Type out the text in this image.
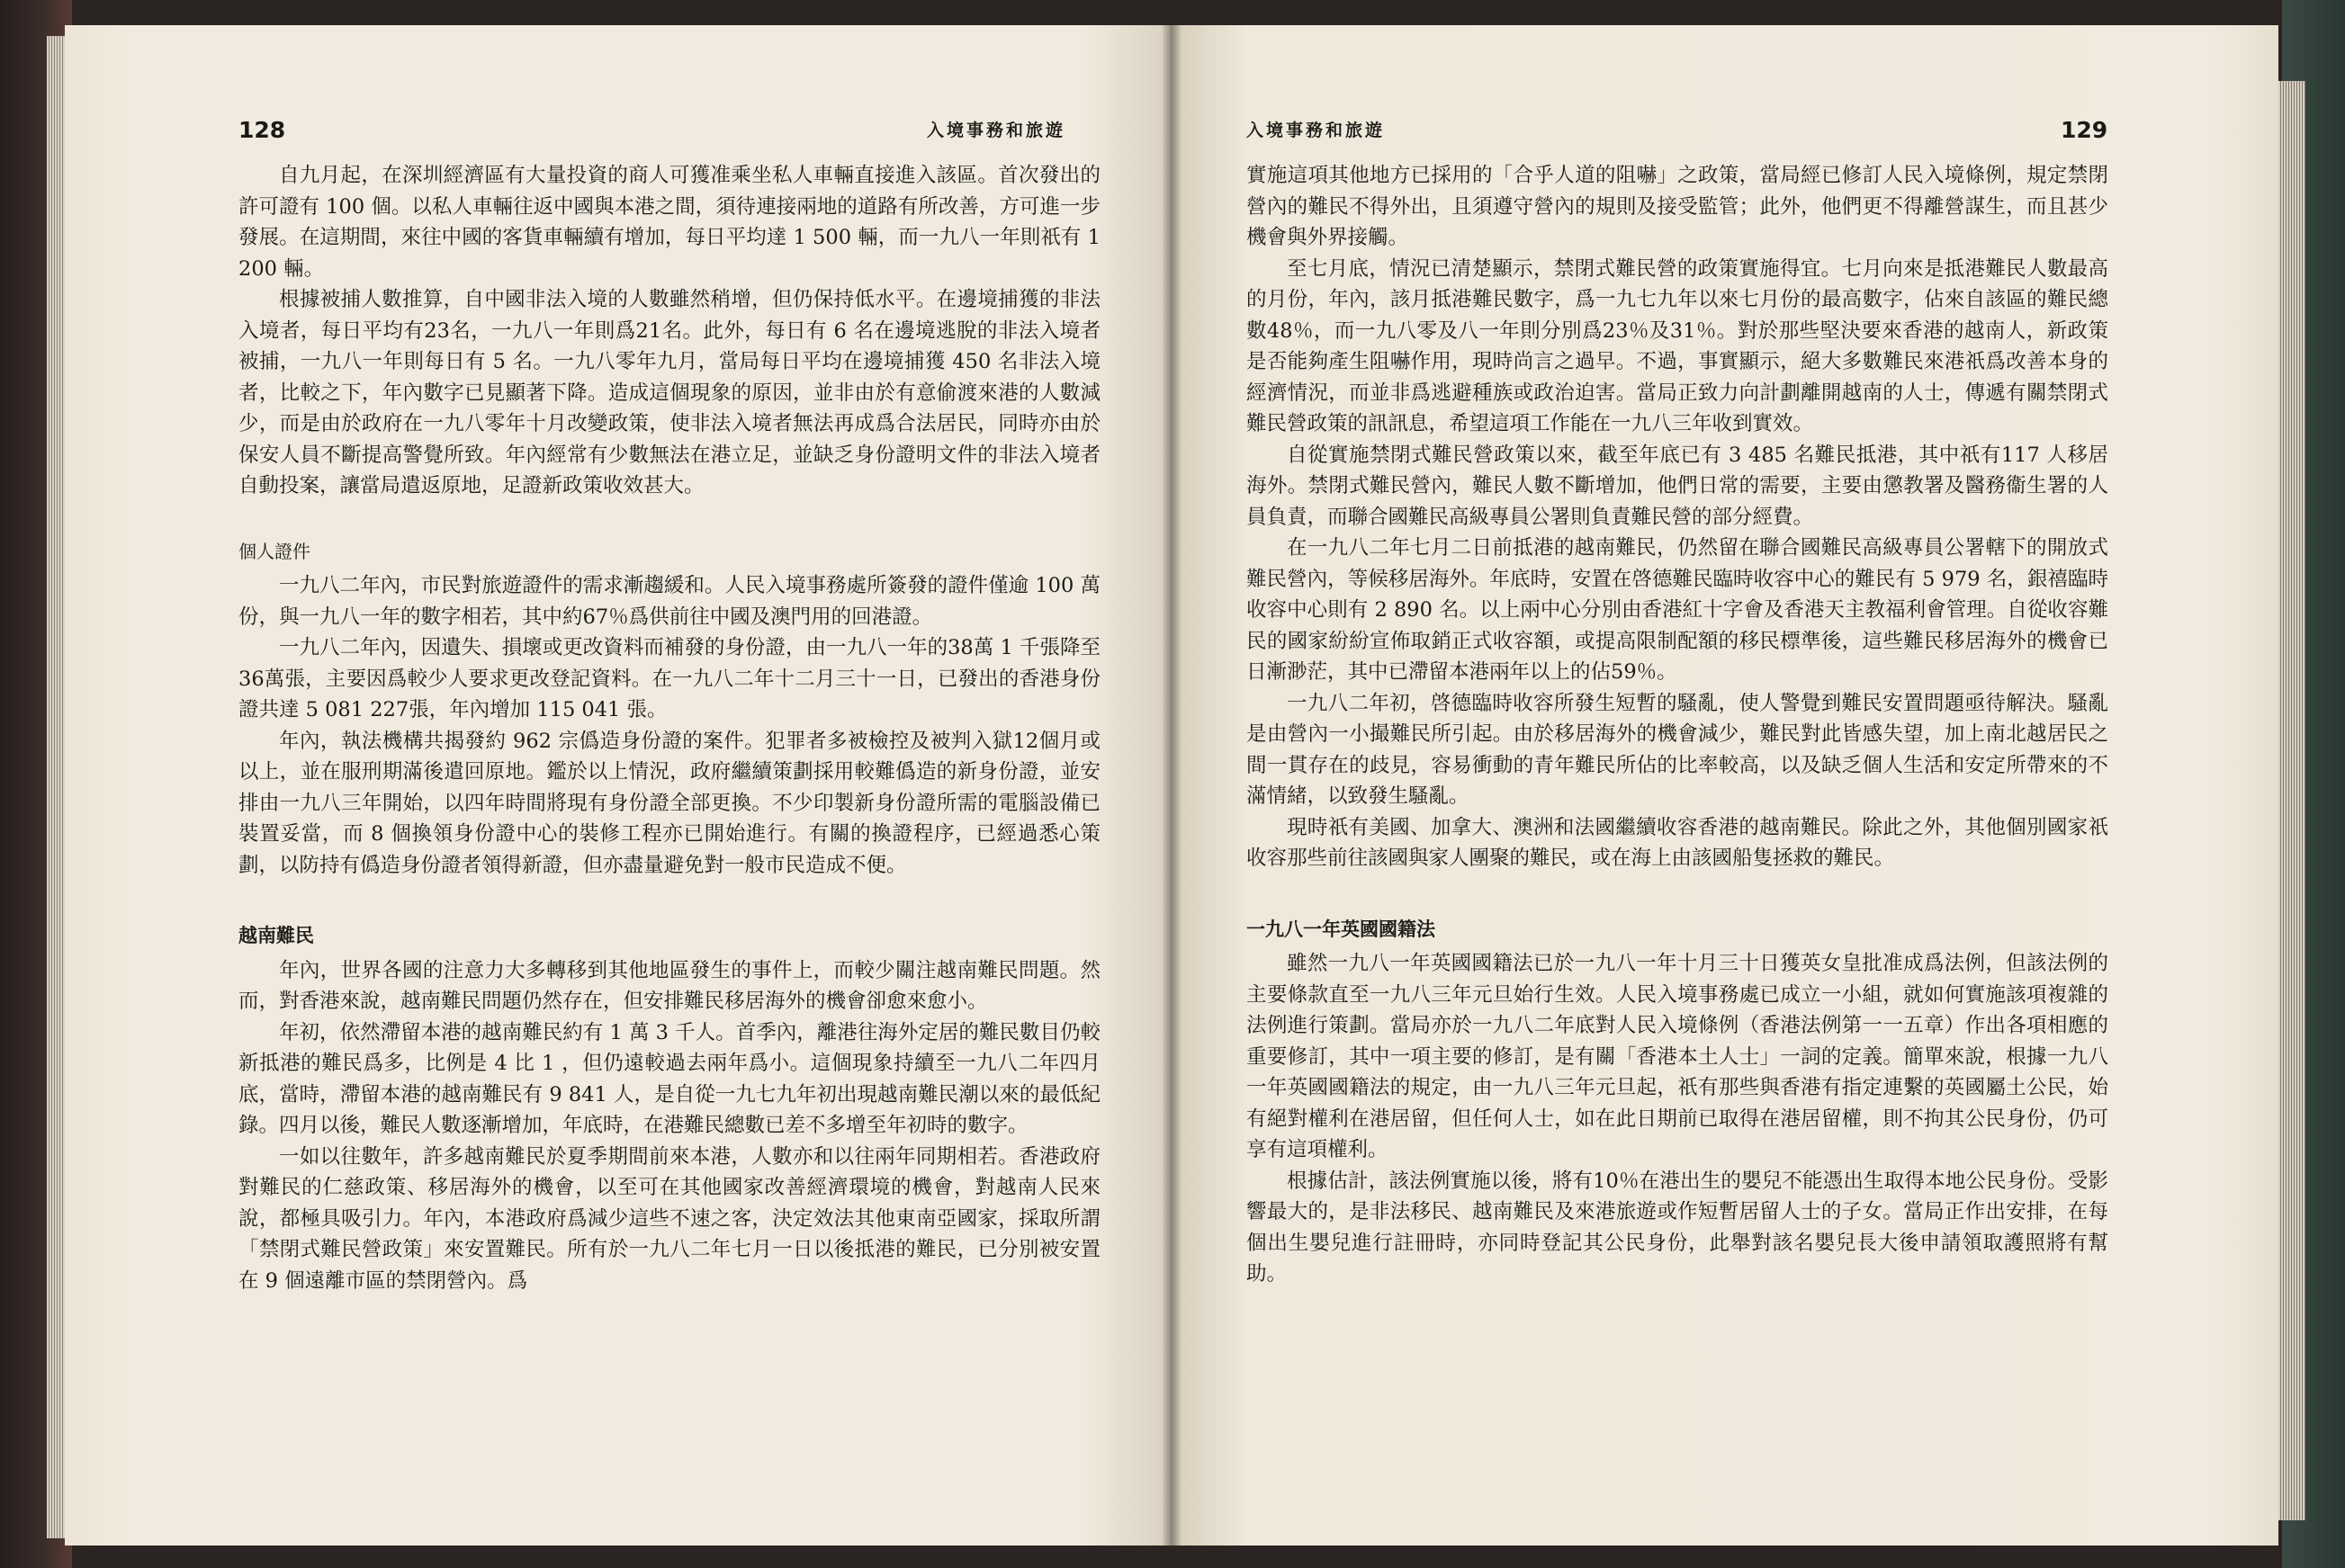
128	入境事務和旅遊	入境事務和旅遊	129

自九月起，在深圳經濟區有大量投資的商人可獲准乘坐私人車輛直接進入該區。首次發出的許可證有 100 個。以私人車輛往返中國與本港之間，須待連接兩地的道路有所改善，方可進一步發展。在這期間，來往中國的客貨車輛續有增加，每日平均達 1 500 輛，而一九八一年則祇有 1 200 輛。

根據被捕人數推算，自中國非法入境的人數雖然稍增，但仍保持低水平。在邊境捕獲的非法入境者，每日平均有23名，一九八一年則爲21名。此外，每日有 6 名在邊境逃脫的非法入境者被捕，一九八一年則每日有 5 名。一九八零年九月，當局每日平均在邊境捕獲 450 名非法入境者，比較之下，年內數字已見顯著下降。造成這個現象的原因，並非由於有意偷渡來港的人數減少，而是由於政府在一九八零年十月改變政策，使非法入境者無法再成爲合法居民，同時亦由於保安人員不斷提高警覺所致。年內經常有少數無法在港立足，並缺乏身份證明文件的非法入境者自動投案，讓當局遣返原地，足證新政策收效甚大。

個人證件

一九八二年內，市民對旅遊證件的需求漸趨緩和。人民入境事務處所簽發的證件僅逾 100 萬份，與一九八一年的數字相若，其中約67％爲供前往中國及澳門用的回港證。

一九八二年內，因遺失、損壞或更改資料而補發的身份證，由一九八一年的38萬 1 千張降至36萬張，主要因爲較少人要求更改登記資料。在一九八二年十二月三十一日，已發出的香港身份證共達 5 081 227張，年內增加 115 041 張。

年內，執法機構共揭發約 962 宗僞造身份證的案件。犯罪者多被檢控及被判入獄12個月或以上，並在服刑期滿後遣回原地。鑑於以上情況，政府繼續策劃採用較難僞造的新身份證，並安排由一九八三年開始，以四年時間將現有身份證全部更換。不少印製新身份證所需的電腦設備已裝置妥當，而 8 個換領身份證中心的裝修工程亦已開始進行。有關的換證程序，已經過悉心策劃，以防持有僞造身份證者領得新證，但亦盡量避免對一般市民造成不便。

越南難民

年內，世界各國的注意力大多轉移到其他地區發生的事件上，而較少關注越南難民問題。然而，對香港來說，越南難民問題仍然存在，但安排難民移居海外的機會卻愈來愈小。

年初，依然滯留本港的越南難民約有 1 萬 3 千人。首季內，離港往海外定居的難民數目仍較新抵港的難民爲多，比例是 4 比 1 ，但仍遠較過去兩年爲小。這個現象持續至一九八二年四月底，當時，滯留本港的越南難民有 9 841 人，是自從一九七九年初出現越南難民潮以來的最低紀錄。四月以後，難民人數逐漸增加，年底時，在港難民總數已差不多增至年初時的數字。

一如以往數年，許多越南難民於夏季期間前來本港，人數亦和以往兩年同期相若。香港政府對難民的仁慈政策、移居海外的機會，以至可在其他國家改善經濟環境的機會，對越南人民來說，都極具吸引力。年內，本港政府爲減少這些不速之客，決定效法其他東南亞國家，採取所謂「禁閉式難民營政策」來安置難民。所有於一九八二年七月一日以後抵港的難民，已分別被安置在 9 個遠離市區的禁閉營內。爲

實施這項其他地方已採用的「合乎人道的阻嚇」之政策，當局經已修訂人民入境條例，規定禁閉營內的難民不得外出，且須遵守營內的規則及接受監管；此外，他們更不得離營謀生，而且甚少機會與外界接觸。

至七月底，情況已清楚顯示，禁閉式難民營的政策實施得宜。七月向來是抵港難民人數最高的月份，年內，該月抵港難民數字，爲一九七九年以來七月份的最高數字，佔來自該區的難民總數48％，而一九八零及八一年則分別爲23％及31％。對於那些堅決要來香港的越南人，新政策是否能夠產生阻嚇作用，現時尚言之過早。不過，事實顯示，絕大多數難民來港祇爲改善本身的經濟情況，而並非爲逃避種族或政治迫害。當局正致力向計劃離開越南的人士，傳遞有關禁閉式難民營政策的訊訊息，希望這項工作能在一九八三年收到實效。

自從實施禁閉式難民營政策以來，截至年底已有 3 485 名難民抵港，其中祇有117 人移居海外。禁閉式難民營內，難民人數不斷增加，他們日常的需要，主要由懲教署及醫務衞生署的人員負責，而聯合國難民高級專員公署則負責難民營的部分經費。

在一九八二年七月二日前抵港的越南難民，仍然留在聯合國難民高級專員公署轄下的開放式難民營內，等候移居海外。年底時，安置在啓德難民臨時收容中心的難民有 5 979 名，銀禧臨時收容中心則有 2 890 名。以上兩中心分別由香港紅十字會及香港天主教福利會管理。自從收容難民的國家紛紛宣佈取銷正式收容額，或提高限制配額的移民標準後，這些難民移居海外的機會已日漸渺茫，其中已滯留本港兩年以上的佔59％。

一九八二年初，啓德臨時收容所發生短暫的騷亂，使人警覺到難民安置問題亟待解決。騷亂是由營內一小撮難民所引起。由於移居海外的機會減少，難民對此皆感失望，加上南北越居民之間一貫存在的歧見，容易衝動的青年難民所佔的比率較高，以及缺乏個人生活和安定所帶來的不滿情緒，以致發生騷亂。

現時祇有美國、加拿大、澳洲和法國繼續收容香港的越南難民。除此之外，其他個別國家祇收容那些前往該國與家人團聚的難民，或在海上由該國船隻拯救的難民。

一九八一年英國國籍法

雖然一九八一年英國國籍法已於一九八一年十月三十日獲英女皇批准成爲法例，但該法例的主要條款直至一九八三年元旦始行生效。人民入境事務處已成立一小組，就如何實施該項複雜的法例進行策劃。當局亦於一九八二年底對人民入境條例（香港法例第一一五章）作出各項相應的重要修訂，其中一項主要的修訂，是有關「香港本土人士」一詞的定義。簡單來說，根據一九八一年英國國籍法的規定，由一九八三年元旦起，祇有那些與香港有指定連繫的英國屬土公民，始有絕對權利在港居留，但任何人士，如在此日期前已取得在港居留權，則不拘其公民身份，仍可享有這項權利。

根據估計，該法例實施以後，將有10％在港出生的嬰兒不能憑出生取得本地公民身份。受影響最大的，是非法移民、越南難民及來港旅遊或作短暫居留人士的子女。當局正作出安排，在每個出生嬰兒進行註冊時，亦同時登記其公民身份，此舉對該名嬰兒長大後申請領取護照將有幫助。
